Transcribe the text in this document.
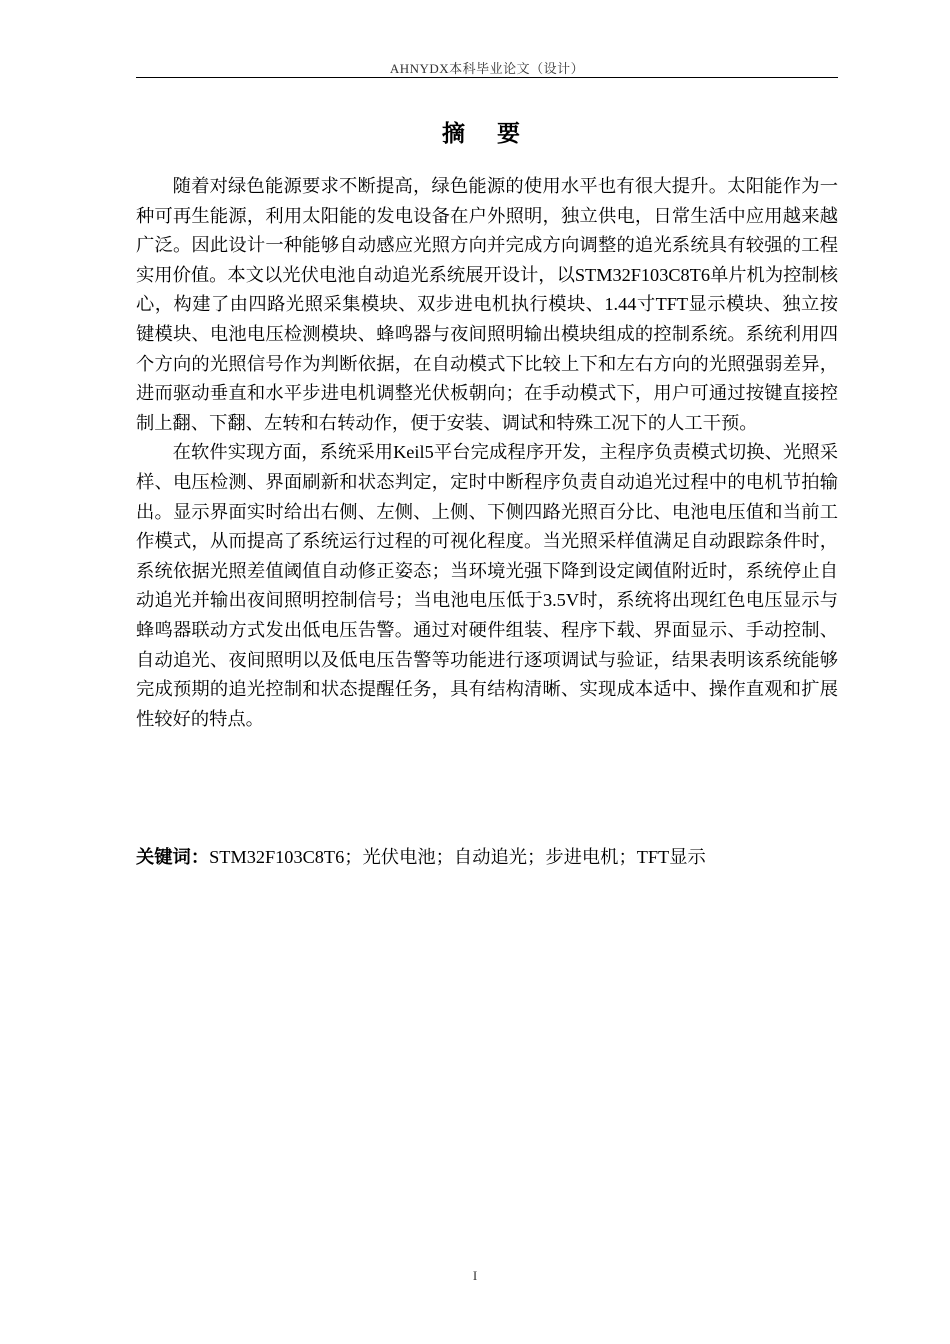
AHNYDX本科毕业论文（设计）
摘 要

随着对绿色能源要求不断提高，绿色能源的使用水平也有很大提升。太阳能作为一种可再生能源，利用太阳能的发电设备在户外照明，独立供电，日常生活中应用越来越广泛。因此设计一种能够自动感应光照方向并完成方向调整的追光系统具有较强的工程实用价值。本文以光伏电池自动追光系统展开设计，以STM32F103C8T6单片机为控制核心，构建了由四路光照采集模块、双步进电机执行模块、1.44寸TFT显示模块、独立按键模块、电池电压检测模块、蜂鸣器与夜间照明输出模块组成的控制系统。系统利用四个方向的光照信号作为判断依据，在自动模式下比较上下和左右方向的光照强弱差异，进而驱动垂直和水平步进电机调整光伏板朝向；在手动模式下，用户可通过按键直接控制上翻、下翻、左转和右转动作，便于安装、调试和特殊工况下的人工干预。

在软件实现方面，系统采用Keil5平台完成程序开发，主程序负责模式切换、光照采样、电压检测、界面刷新和状态判定，定时中断程序负责自动追光过程中的电机节拍输出。显示界面实时给出右侧、左侧、上侧、下侧四路光照百分比、电池电压值和当前工作模式，从而提高了系统运行过程的可视化程度。当光照采样值满足自动跟踪条件时，系统依据光照差值阈值自动修正姿态；当环境光强下降到设定阈值附近时，系统停止自动追光并输出夜间照明控制信号；当电池电压低于3.5V时，系统将出现红色电压显示与蜂鸣器联动方式发出低电压告警。通过对硬件组装、程序下载、界面显示、手动控制、自动追光、夜间照明以及低电压告警等功能进行逐项调试与验证，结果表明该系统能够完成预期的追光控制和状态提醒任务，具有结构清晰、实现成本适中、操作直观和扩展性较好的特点。

关键词：STM32F103C8T6；光伏电池；自动追光；步进电机；TFT显示
I
